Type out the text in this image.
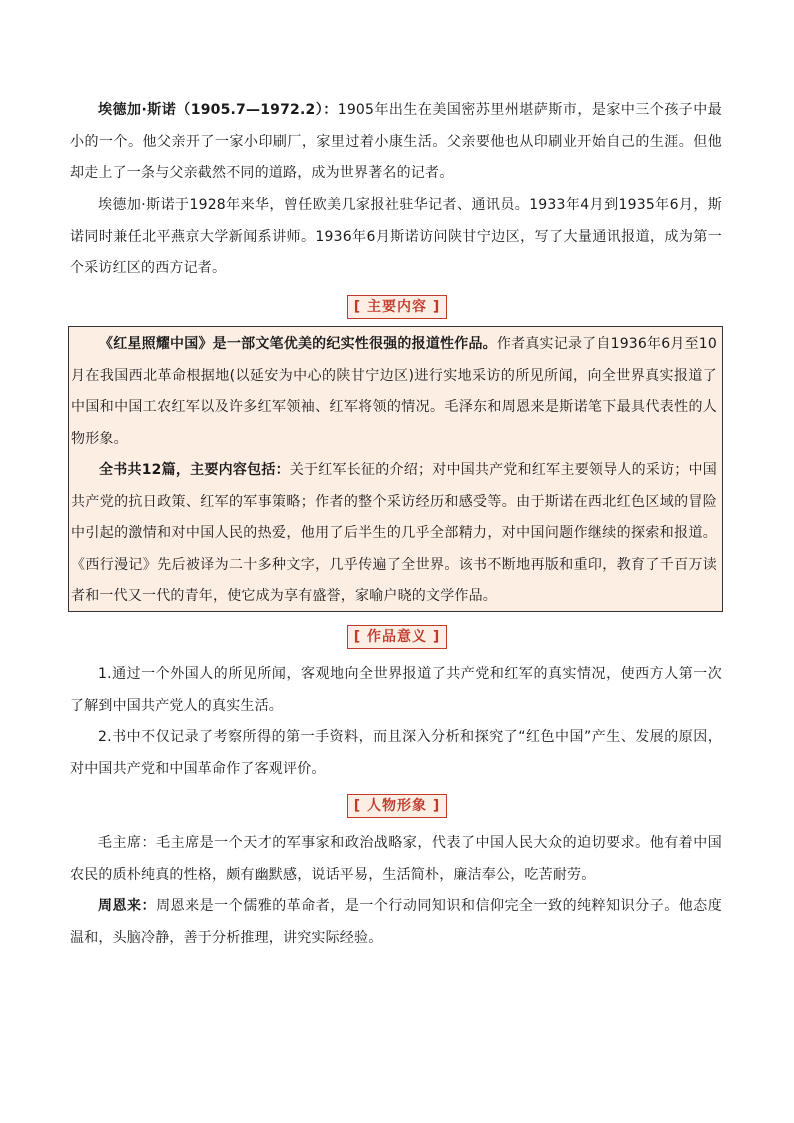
埃德加·斯诺（1905.7—1972.2）：1905年出生在美国密苏里州堪萨斯市，是家中三个孩子中最小的一个。他父亲开了一家小印刷厂，家里过着小康生活。父亲要他也从印刷业开始自己的生涯。但他却走上了一条与父亲截然不同的道路，成为世界著名的记者。

埃德加·斯诺于1928年来华，曾任欧美几家报社驻华记者、通讯员。1933年4月到1935年6月，斯诺同时兼任北平燕京大学新闻系讲师。1936年6月斯诺访问陕甘宁边区，写了大量通讯报道，成为第一个采访红区的西方记者。

[ 主要内容 ]

《红星照耀中国》是一部文笔优美的纪实性很强的报道性作品。作者真实记录了自1936年6月至10月在我国西北革命根据地(以延安为中心的陕甘宁边区)进行实地采访的所见所闻，向全世界真实报道了中国和中国工农红军以及许多红军领袖、红军将领的情况。毛泽东和周恩来是斯诺笔下最具代表性的人物形象。

全书共12篇，主要内容包括：关于红军长征的介绍；对中国共产党和红军主要领导人的采访；中国共产党的抗日政策、红军的军事策略；作者的整个采访经历和感受等。由于斯诺在西北红色区域的冒险中引起的激情和对中国人民的热爱，他用了后半生的几乎全部精力，对中国问题作继续的探索和报道。《西行漫记》先后被译为二十多种文字，几乎传遍了全世界。该书不断地再版和重印，教育了千百万读者和一代又一代的青年，使它成为享有盛誉，家喻户晓的文学作品。

[ 作品意义 ]

1.通过一个外国人的所见所闻，客观地向全世界报道了共产党和红军的真实情况，使西方人第一次了解到中国共产党人的真实生活。

2.书中不仅记录了考察所得的第一手资料，而且深入分析和探究了“红色中国”产生、发展的原因，对中国共产党和中国革命作了客观评价。

[ 人物形象 ]

毛主席：毛主席是一个天才的军事家和政治战略家，代表了中国人民大众的迫切要求。他有着中国农民的质朴纯真的性格，颇有幽默感，说话平易，生活简朴，廉洁奉公，吃苦耐劳。

周恩来：周恩来是一个儒雅的革命者，是一个行动同知识和信仰完全一致的纯粹知识分子。他态度温和，头脑冷静，善于分析推理，讲究实际经验。
